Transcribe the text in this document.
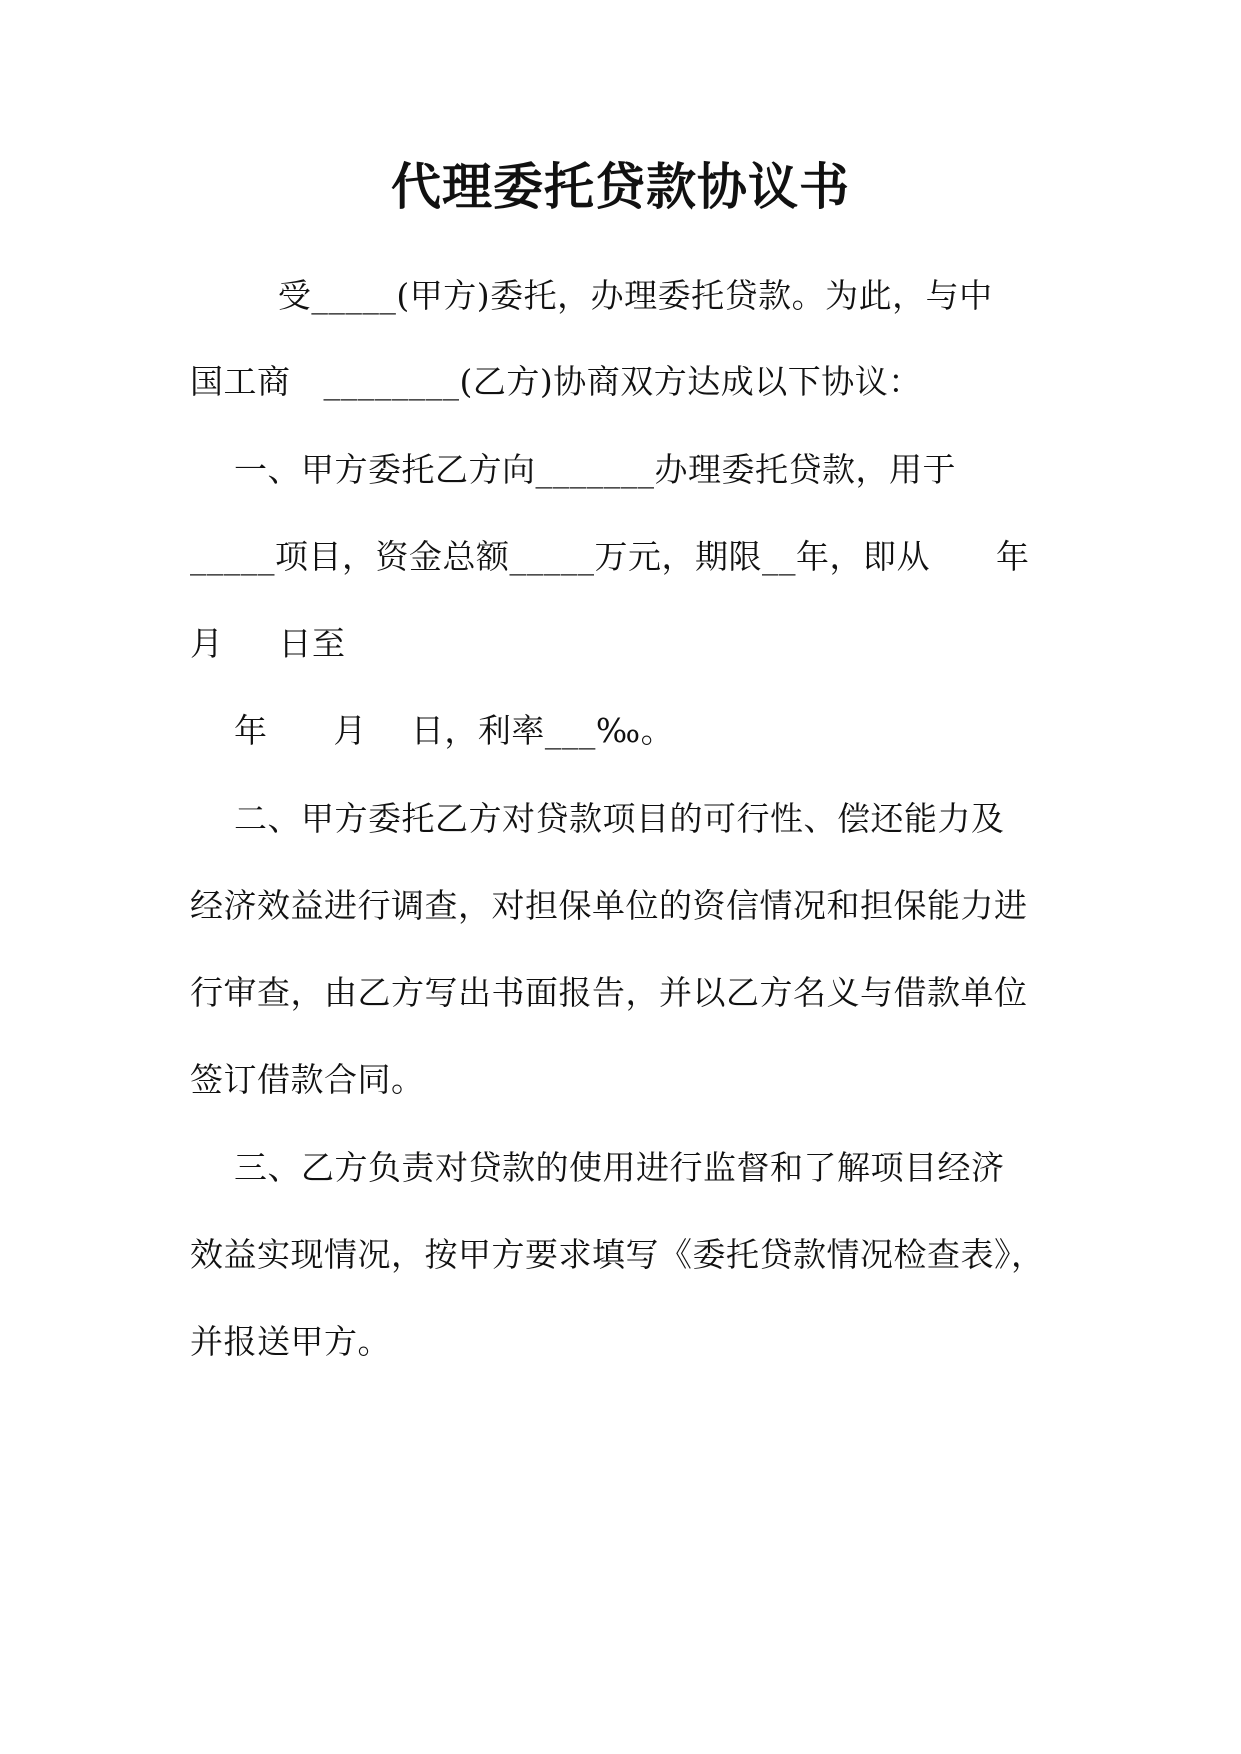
代理委托贷款协议书
受_____(甲方)委托，办理委托贷款。为此，与中
国工商   ________(乙方)协商双方达成以下协议：
一、甲方委托乙方向_______办理委托贷款，用于
_____项目，资金总额_____万元，期限__年，即从      年
月     日至
年      月    日，利率___‰。
二、甲方委托乙方对贷款项目的可行性、偿还能力及
经济效益进行调查，对担保单位的资信情况和担保能力进
行审查，由乙方写出书面报告，并以乙方名义与借款单位
签订借款合同。
三、乙方负责对贷款的使用进行监督和了解项目经济
效益实现情况，按甲方要求填写《委托贷款情况检查表》，
并报送甲方。
